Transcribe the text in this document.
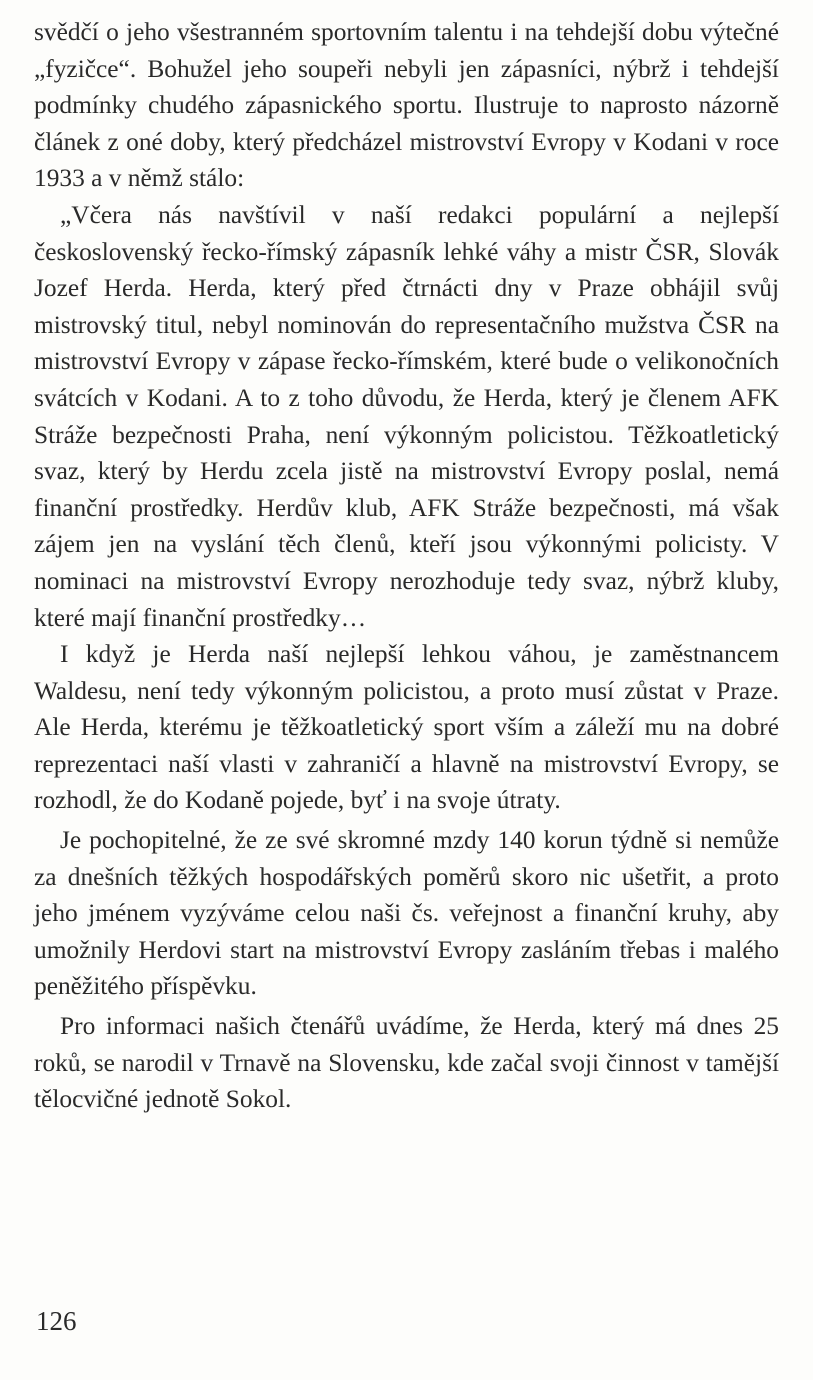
svědčí o jeho všestranném sportovním talentu i na tehdejší dobu výtečné „fyzičce“. Bohužel jeho soupeři nebyli jen zápasníci, nýbrž i tehdejší podmínky chudého zápasnického sportu. Ilustruje to naprosto názorně článek z oné doby, který předcházel mistrovství Evropy v Kodani v roce 1933 a v němž stálo:

„Včera nás navštívil v naší redakci populární a nejlepší československý řecko-římský zápasník lehké váhy a mistr ČSR, Slovák Jozef Herda. Herda, který před čtrnácti dny v Praze obhájil svůj mistrovský titul, nebyl nominován do representačního mužstva ČSR na mistrovství Evropy v zápase řecko-římském, které bude o velikonočních svátcích v Kodani. A to z toho důvodu, že Herda, který je členem AFK Stráže bezpečnosti Praha, není výkonným policistou. Těžkoatletický svaz, který by Herdu zcela jistě na mistrovství Evropy poslal, nemá finanční prostředky. Herdův klub, AFK Stráže bezpečnosti, má však zájem jen na vyslání těch členů, kteří jsou výkonnými policisty. V nominaci na mistrovství Evropy nerozhoduje tedy svaz, nýbrž kluby, které mají finanční prostředky…

I když je Herda naší nejlepší lehkou váhou, je zaměstnancem Waldesu, není tedy výkonným policistou, a proto musí zůstat v Praze. Ale Herda, kterému je těžkoatletický sport vším a záleží mu na dobré reprezentaci naší vlasti v zahraničí a hlavně na mistrovství Evropy, se rozhodl, že do Kodaně pojede, byť i na svoje útraty.

Je pochopitelné, že ze své skromné mzdy 140 korun týdně si nemůže za dnešních těžkých hospodářských poměrů skoro nic ušetřit, a proto jeho jménem vyzýváme celou naši čs. veřejnost a finanční kruhy, aby umožnily Herdovi start na mistrovství Evropy zasláním třebas i malého peněžitého příspěvku.

Pro informaci našich čtenářů uvádíme, že Herda, který má dnes 25 roků, se narodil v Trnavě na Slovensku, kde začal svoji činnost v tamější tělocvičné jednotě Sokol.

126
